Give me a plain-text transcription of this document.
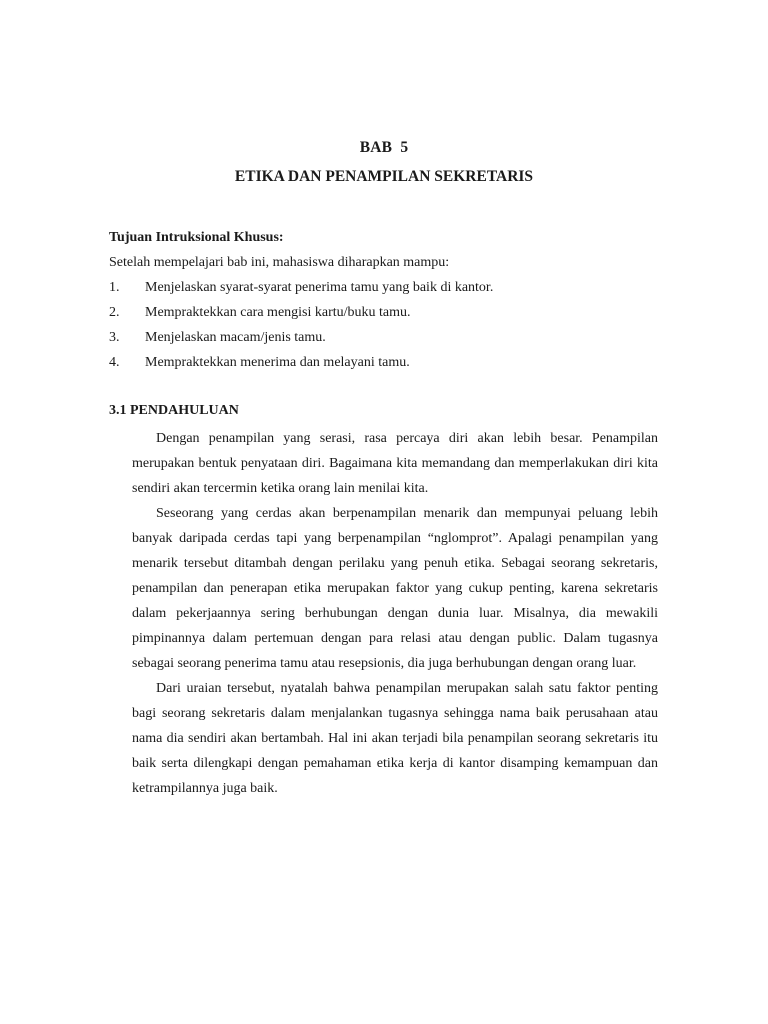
BAB  5
ETIKA DAN PENAMPILAN SEKRETARIS
Tujuan Intruksional Khusus:
Setelah mempelajari bab ini, mahasiswa diharapkan mampu:
1.	Menjelaskan syarat-syarat penerima tamu yang baik di kantor.
2.	Mempraktekkan cara mengisi kartu/buku tamu.
3.	Menjelaskan macam/jenis tamu.
4.	Mempraktekkan menerima dan melayani tamu.
3.1 PENDAHULUAN

Dengan penampilan yang serasi, rasa percaya diri akan lebih besar. Penampilan merupakan bentuk penyataan diri. Bagaimana kita memandang dan memperlakukan diri kita sendiri akan tercermin ketika orang lain menilai kita.

Seseorang yang cerdas akan berpenampilan menarik dan mempunyai peluang lebih banyak daripada cerdas tapi yang berpenampilan “nglomprot”. Apalagi penampilan yang menarik tersebut ditambah dengan perilaku yang penuh etika. Sebagai seorang sekretaris, penampilan dan penerapan etika merupakan faktor yang cukup penting, karena sekretaris dalam pekerjaannya sering berhubungan dengan dunia luar. Misalnya, dia mewakili pimpinannya dalam pertemuan dengan para relasi atau dengan public. Dalam tugasnya sebagai seorang penerima tamu atau resepsionis, dia juga berhubungan dengan orang luar.

Dari uraian tersebut, nyatalah bahwa penampilan merupakan salah satu faktor penting bagi seorang sekretaris dalam menjalankan tugasnya sehingga nama baik perusahaan atau nama dia sendiri akan bertambah. Hal ini akan terjadi bila penampilan seorang sekretaris itu baik serta dilengkapi dengan pemahaman etika kerja di kantor disamping kemampuan dan ketrampilannya juga baik.
